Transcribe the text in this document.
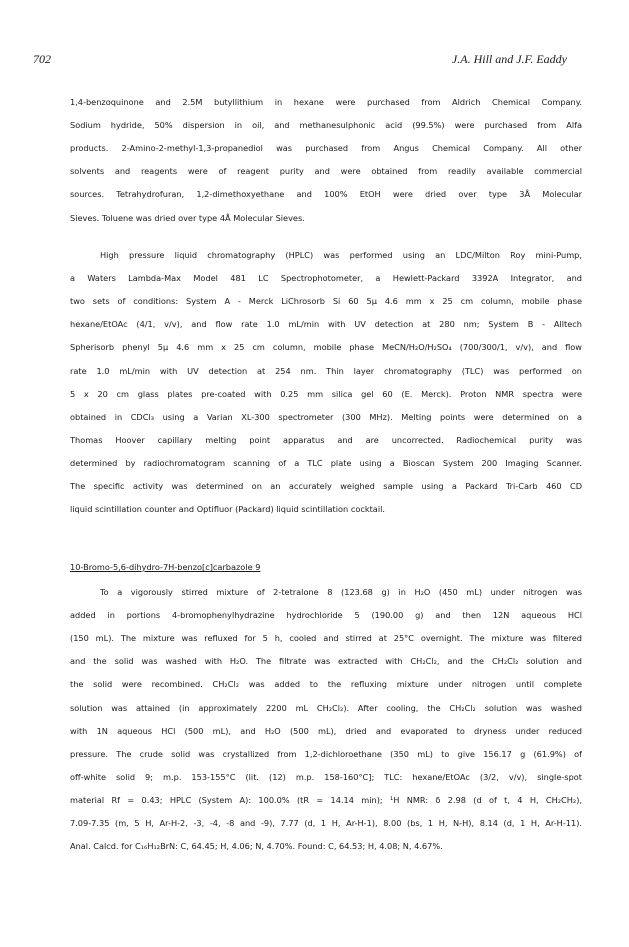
702	J.A. Hill and J.F. Eaddy
1,4-benzoquinone and 2.5M butyllithium in hexane were purchased from Aldrich Chemical Company.
Sodium hydride, 50% dispersion in oil, and methanesulphonic acid (99.5%) were purchased from Alfa
products. 2-Amino-2-methyl-1,3-propanediol was purchased from Angus Chemical Company. All other
solvents and reagents were of reagent purity and were obtained from readily available commercial
sources. Tetrahydrofuran, 1,2-dimethoxyethane and 100% EtOH were dried over type 3Å Molecular
Sieves. Toluene was dried over type 4Å Molecular Sieves.
High pressure liquid chromatography (HPLC) was performed using an LDC/Milton Roy mini-Pump,
a Waters Lambda-Max Model 481 LC Spectrophotometer, a Hewlett-Packard 3392A Integrator, and
two sets of conditions: System A - Merck LiChrosorb Si 60 5μ 4.6 mm x 25 cm column, mobile phase
hexane/EtOAc (4/1, v/v), and flow rate 1.0 mL/min with UV detection at 280 nm; System B - Alltech
Spherisorb phenyl 5μ 4.6 mm x 25 cm column, mobile phase MeCN/H₂O/H₂SO₄ (700/300/1, v/v), and flow
rate 1.0 mL/min with UV detection at 254 nm. Thin layer chromatography (TLC) was performed on
5 x 20 cm glass plates pre-coated with 0.25 mm silica gel 60 (E. Merck). Proton NMR spectra were
obtained in CDCl₃ using a Varian XL-300 spectrometer (300 MHz). Melting points were determined on a
Thomas Hoover capillary melting point apparatus and are uncorrected. Radiochemical purity was
determined by radiochromatogram scanning of a TLC plate using a Bioscan System 200 Imaging Scanner.
The specific activity was determined on an accurately weighed sample using a Packard Tri-Carb 460 CD
liquid scintillation counter and Optifluor (Packard) liquid scintillation cocktail.
10-Bromo-5,6-dihydro-7H-benzo[c]carbazole 9
To a vigorously stirred mixture of 2-tetralone 8 (123.68 g) in H₂O (450 mL) under nitrogen was
added in portions 4-bromophenylhydrazine hydrochloride 5 (190.00 g) and then 12N aqueous HCl
(150 mL). The mixture was refluxed for 5 h, cooled and stirred at 25°C overnight. The mixture was filtered
and the solid was washed with H₂O. The filtrate was extracted with CH₂Cl₂, and the CH₂Cl₂ solution and
the solid were recombined. CH₂Cl₂ was added to the refluxing mixture under nitrogen until complete
solution was attained (in approximately 2200 mL CH₂Cl₂). After cooling, the CH₂Cl₂ solution was washed
with 1N aqueous HCl (500 mL), and H₂O (500 mL), dried and evaporated to dryness under reduced
pressure. The crude solid was crystallized from 1,2-dichloroethane (350 mL) to give 156.17 g (61.9%) of
off-white solid 9; m.p. 153-155°C (lit. (12) m.p. 158-160°C]; TLC: hexane/EtOAc (3/2, v/v), single-spot
material Rf = 0.43; HPLC (System A): 100.0% (tR = 14.14 min); ¹H NMR: δ 2.98 (d of t, 4 H, CH₂CH₂),
7.09-7.35 (m, 5 H, Ar-H-2, -3, -4, -8 and -9), 7.77 (d, 1 H, Ar-H-1), 8.00 (bs, 1 H, N-H), 8.14 (d, 1 H, Ar-H-11).
Anal. Calcd. for C₁₆H₁₂BrN: C, 64.45; H, 4.06; N, 4.70%. Found: C, 64.53; H, 4.08; N, 4.67%.
